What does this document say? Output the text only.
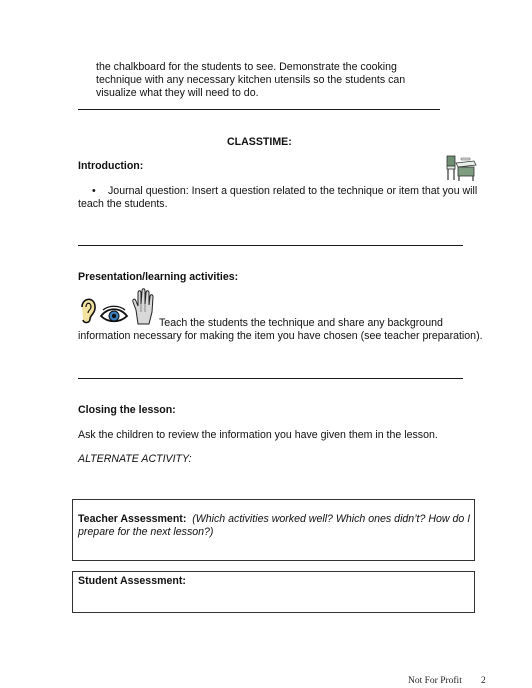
the chalkboard for the students to see. Demonstrate the cooking
technique with any necessary kitchen utensils so the students can
visualize what they will need to do.
CLASSTIME:
Introduction:
• Journal question: Insert a question related to the technique or item that you will
teach the students.
Presentation/learning activities:
Teach the students the technique and share any background
information necessary for making the item you have chosen (see teacher preparation).
Closing the lesson:
Ask the children to review the information you have given them in the lesson.
ALTERNATE ACTIVITY:
Teacher Assessment: (Which activities worked well? Which ones didn’t? How do I
prepare for the next lesson?)
Student Assessment:
Not For Profit 2
